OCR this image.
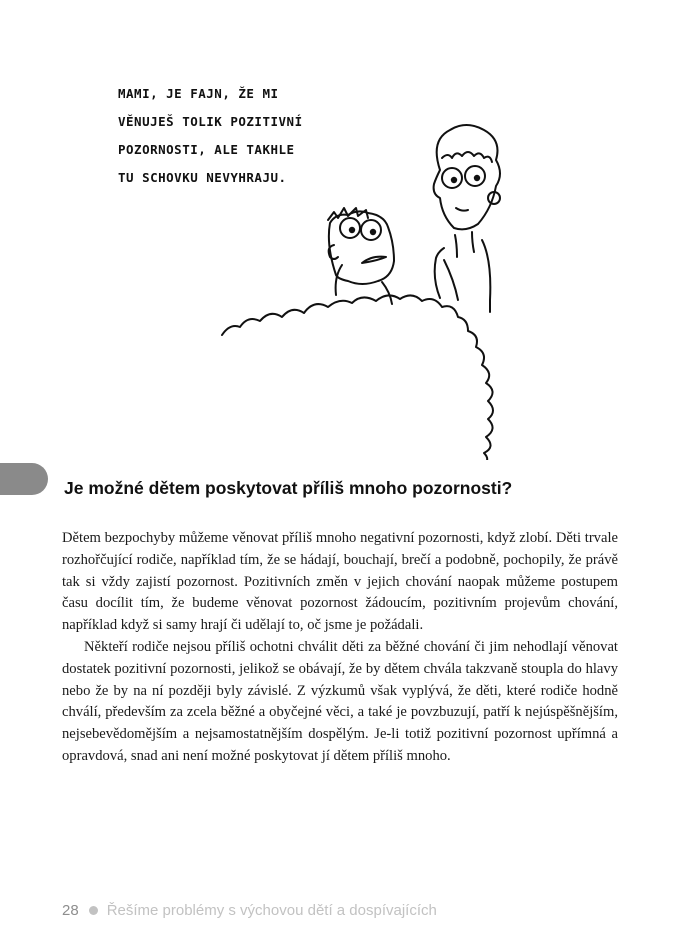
MAMI, JE FAJN, ŽE MI
VĚNUJEŠ TOLIK POZITIVNÍ
POZORNOSTI, ALE TAKHLE
TU SCHOVKU NEVYHRAJU.
Je možné dětem poskytovat příliš mnoho pozornosti?

Dětem bezpochyby můžeme věnovat příliš mnoho negativní pozornosti, když zlobí. Děti trvale rozhořčující rodiče, například tím, že se hádají, bouchají, brečí a podobně, pochopily, že právě tak si vždy zajistí pozornost. Pozitivních změn v jejich chování naopak můžeme postupem času docílit tím, že budeme věnovat pozornost žádoucím, pozitivním projevům chování, například když si samy hrají či udělají to, oč jsme je požádali.

Někteří rodiče nejsou příliš ochotni chválit děti za běžné chování či jim nehodlají věnovat dostatek pozitivní pozornosti, jelikož se obávají, že by dětem chvála takzvaně stoupla do hlavy nebo že by na ní později byly závislé. Z výzkumů však vyplývá, že děti, které rodiče hodně chválí, především za zcela běžné a obyčejné věci, a také je povzbuzují, patří k nejúspěšnějším, nejsebevědomějším a nejsamostatnějším dospělým. Je-li totiž pozitivní pozornost upřímná a opravdová, snad ani není možné poskytovat jí dětem příliš mnoho.

28 Řešíme problémy s výchovou dětí a dospívajících
